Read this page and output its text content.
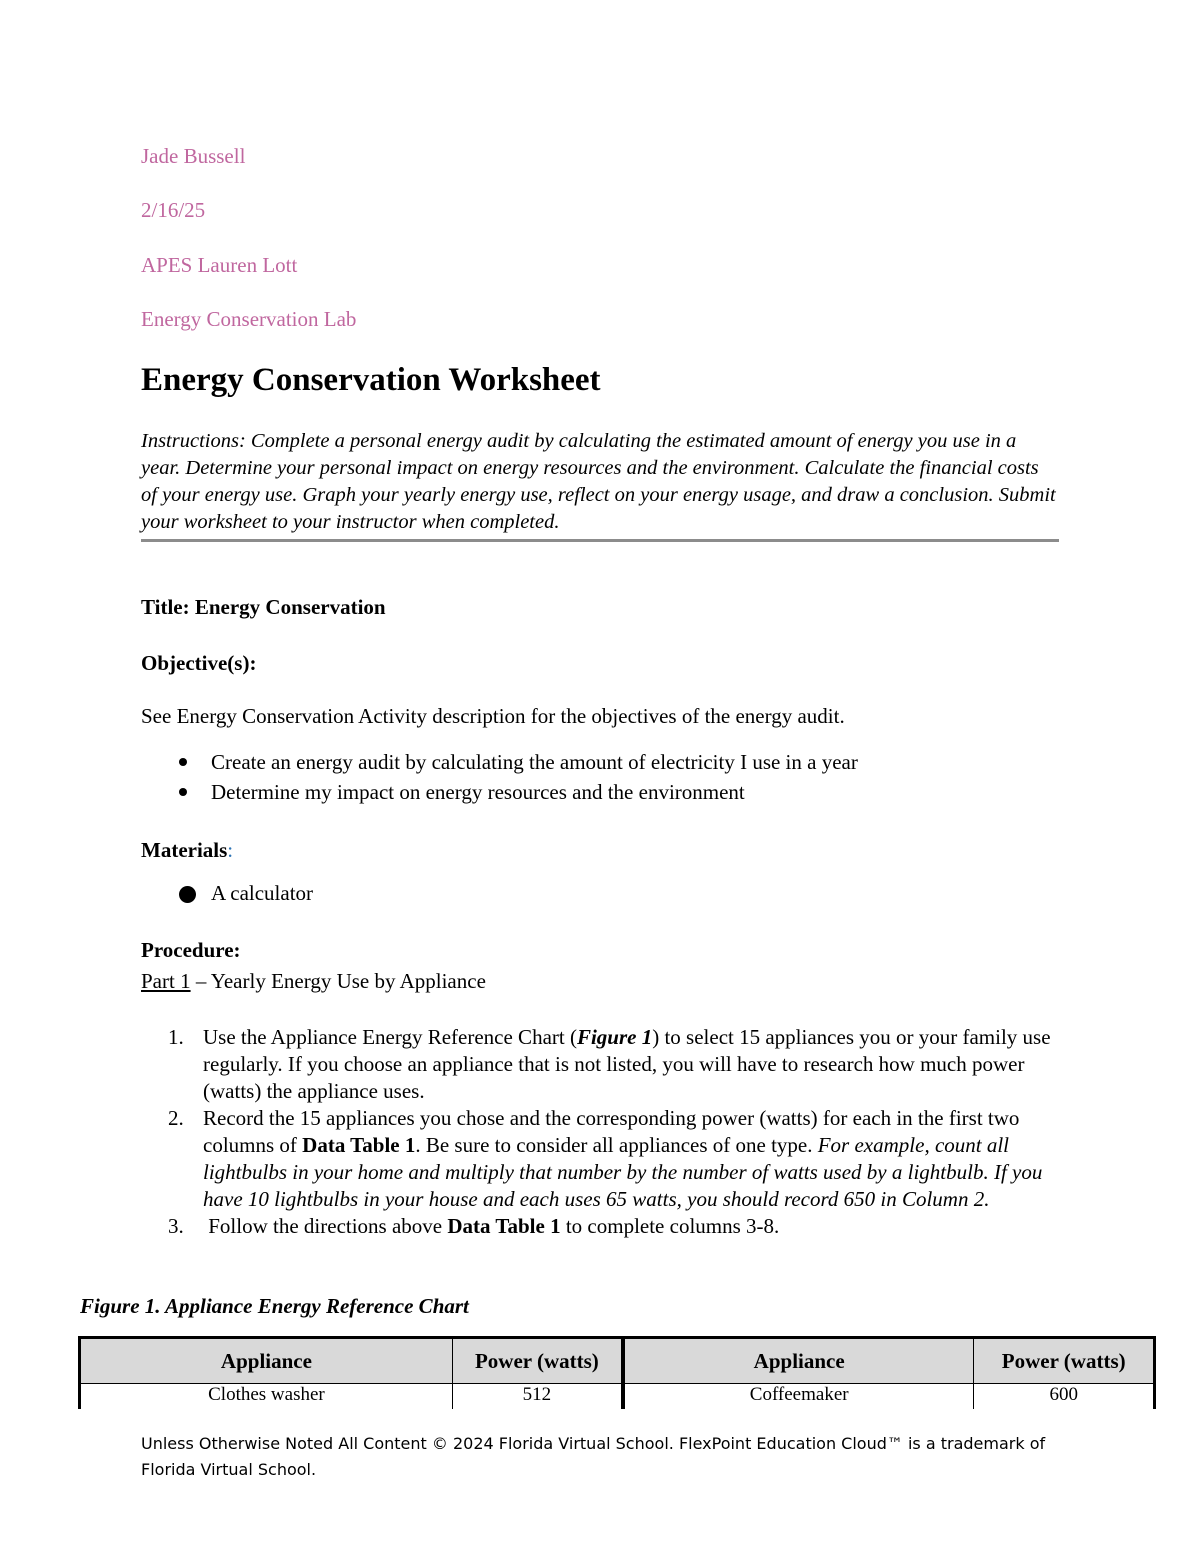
Jade Bussell
2/16/25
APES Lauren Lott
Energy Conservation Lab
Energy Conservation Worksheet
Instructions: Complete a personal energy audit by calculating the estimated amount of energy you use in a year. Determine your personal impact on energy resources and the environment. Calculate the financial costs of your energy use. Graph your yearly energy use, reflect on your energy usage, and draw a conclusion. Submit your worksheet to your instructor when completed.
Title: Energy Conservation
Objective(s):
See Energy Conservation Activity description for the objectives of the energy audit.
Create an energy audit by calculating the amount of electricity I use in a year
Determine my impact on energy resources and the environment
Materials:
A calculator
Procedure:
Part 1 – Yearly Energy Use by Appliance
1. Use the Appliance Energy Reference Chart (Figure 1) to select 15 appliances you or your family use regularly. If you choose an appliance that is not listed, you will have to research how much power (watts) the appliance uses.
2. Record the 15 appliances you chose and the corresponding power (watts) for each in the first two columns of Data Table 1. Be sure to consider all appliances of one type. For example, count all lightbulbs in your home and multiply that number by the number of watts used by a lightbulb. If you have 10 lightbulbs in your house and each uses 65 watts, you should record 650 in Column 2.
3. Follow the directions above Data Table 1 to complete columns 3-8.
Figure 1. Appliance Energy Reference Chart
Appliance	Power (watts)	Appliance	Power (watts)
Clothes washer	512	Coffeemaker	600
Unless Otherwise Noted All Content © 2024 Florida Virtual School. FlexPoint Education Cloud™ is a trademark of Florida Virtual School.
